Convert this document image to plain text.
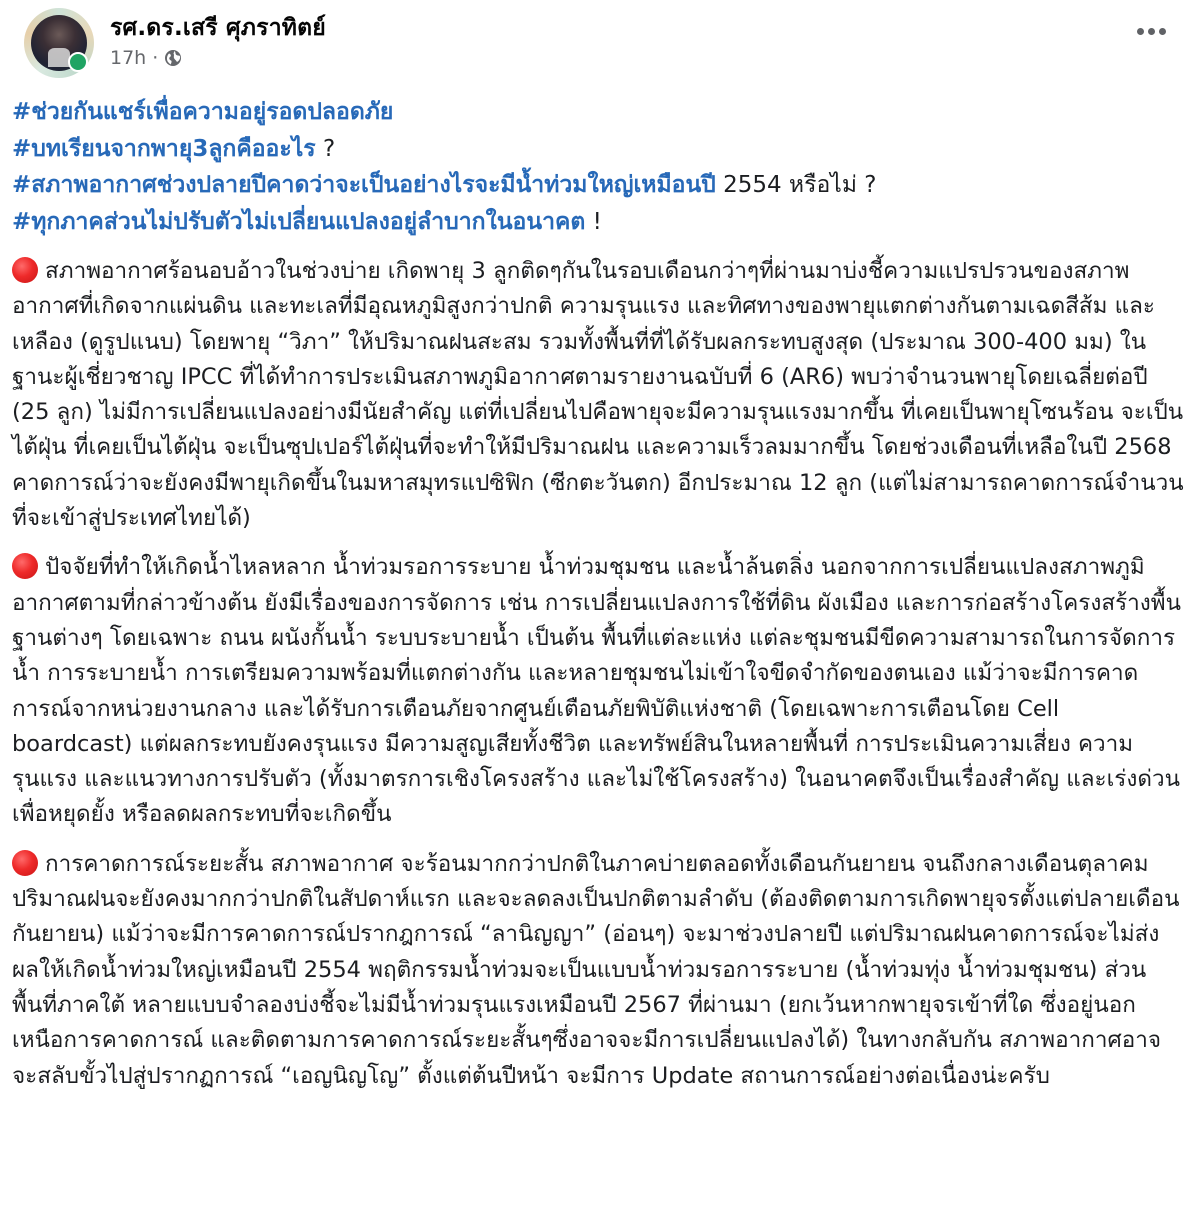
รศ.ดร.เสรี ศุภราทิตย์
17h ·
#ช่วยกันแชร์เพื่อความอยู่รอดปลอดภัย
#บทเรียนจากพายุ3ลูกคืออะไร ?
#สภาพอากาศช่วงปลายปีคาดว่าจะเป็นอย่างไรจะมีน้ำท่วมใหญ่เหมือนปี 2554 หรือไม่ ?
#ทุกภาคส่วนไม่ปรับตัวไม่เปลี่ยนแปลงอยู่ลำบากในอนาคต !
สภาพอากาศร้อนอบอ้าวในช่วงบ่าย เกิดพายุ 3 ลูกติดๆกันในรอบเดือนกว่าๆที่ผ่านมาบ่งชี้ความแปรปรวนของสภาพอากาศที่เกิดจากแผ่นดิน และทะเลที่มีอุณหภูมิสูงกว่าปกติ ความรุนแรง และทิศทางของพายุแตกต่างกันตามเฉดสีส้ม และเหลือง (ดูรูปแนบ) โดยพายุ “วิภา” ให้ปริมาณฝนสะสม รวมทั้งพื้นที่ที่ได้รับผลกระทบสูงสุด (ประมาณ 300-400 มม) ในฐานะผู้เชี่ยวชาญ IPCC ที่ได้ทำการประเมินสภาพภูมิอากาศตามรายงานฉบับที่ 6 (AR6) พบว่าจำนวนพายุโดยเฉลี่ยต่อปี (25 ลูก) ไม่มีการเปลี่ยนแปลงอย่างมีนัยสำคัญ แต่ที่เปลี่ยนไปคือพายุจะมีความรุนแรงมากขึ้น ที่เคยเป็นพายุโซนร้อน จะเป็นไต้ฝุ่น ที่เคยเป็นไต้ฝุ่น จะเป็นซุปเปอร์ไต้ฝุ่นที่จะทำให้มีปริมาณฝน และความเร็วลมมากขึ้น โดยช่วงเดือนที่เหลือในปี 2568 คาดการณ์ว่าจะยังคงมีพายุเกิดขึ้นในมหาสมุทรแปซิฟิก (ซีกตะวันตก) อีกประมาณ 12 ลูก (แต่ไม่สามารถคาดการณ์จำนวนที่จะเข้าสู่ประเทศไทยได้)
ปัจจัยที่ทำให้เกิดน้ำไหลหลาก น้ำท่วมรอการระบาย น้ำท่วมชุมชน และน้ำล้นตลิ่ง นอกจากการเปลี่ยนแปลงสภาพภูมิอากาศตามที่กล่าวข้างต้น ยังมีเรื่องของการจัดการ เช่น การเปลี่ยนแปลงการใช้ที่ดิน ผังเมือง และการก่อสร้างโครงสร้างพื้นฐานต่างๆ โดยเฉพาะ ถนน ผนังกั้นน้ำ ระบบระบายน้ำ เป็นต้น พื้นที่แต่ละแห่ง แต่ละชุมชนมีขีดความสามารถในการจัดการน้ำ การระบายน้ำ การเตรียมความพร้อมที่แตกต่างกัน และหลายชุมชนไม่เข้าใจขีดจำกัดของตนเอง แม้ว่าจะมีการคาดการณ์จากหน่วยงานกลาง และได้รับการเตือนภัยจากศูนย์เตือนภัยพิบัติแห่งชาติ (โดยเฉพาะการเตือนโดย Cell boardcast) แต่ผลกระทบยังคงรุนแรง มีความสูญเสียทั้งชีวิต และทรัพย์สินในหลายพื้นที่ การประเมินความเสี่ยง ความรุนแรง และแนวทางการปรับตัว (ทั้งมาตรการเชิงโครงสร้าง และไม่ใช้โครงสร้าง) ในอนาคตจึงเป็นเรื่องสำคัญ และเร่งด่วนเพื่อหยุดยั้ง หรือลดผลกระทบที่จะเกิดขึ้น
การคาดการณ์ระยะสั้น สภาพอากาศ จะร้อนมากกว่าปกติในภาคบ่ายตลอดทั้งเดือนกันยายน จนถึงกลางเดือนตุลาคม ปริมาณฝนจะยังคงมากกว่าปกติในสัปดาห์แรก และจะลดลงเป็นปกติตามลำดับ (ต้องติดตามการเกิดพายุจรตั้งแต่ปลายเดือนกันยายน) แม้ว่าจะมีการคาดการณ์ปรากฎการณ์ “ลานิญญา” (อ่อนๆ) จะมาช่วงปลายปี แต่ปริมาณฝนคาดการณ์จะไม่ส่งผลให้เกิดน้ำท่วมใหญ่เหมือนปี 2554 พฤติกรรมน้ำท่วมจะเป็นแบบน้ำท่วมรอการระบาย (น้ำท่วมทุ่ง น้ำท่วมชุมชน) ส่วนพื้นที่ภาคใต้ หลายแบบจำลองบ่งชี้จะไม่มีน้ำท่วมรุนแรงเหมือนปี 2567 ที่ผ่านมา (ยกเว้นหากพายุจรเข้าที่ใด ซึ่งอยู่นอกเหนือการคาดการณ์ และติดตามการคาดการณ์ระยะสั้นๆซึ่งอาจจะมีการเปลี่ยนแปลงได้) ในทางกลับกัน สภาพอากาศอาจจะสลับขั้วไปสู่ปรากฏการณ์ “เอญนิญโญ” ตั้งแต่ต้นปีหน้า จะมีการ Update สถานการณ์อย่างต่อเนื่องน่ะครับ
